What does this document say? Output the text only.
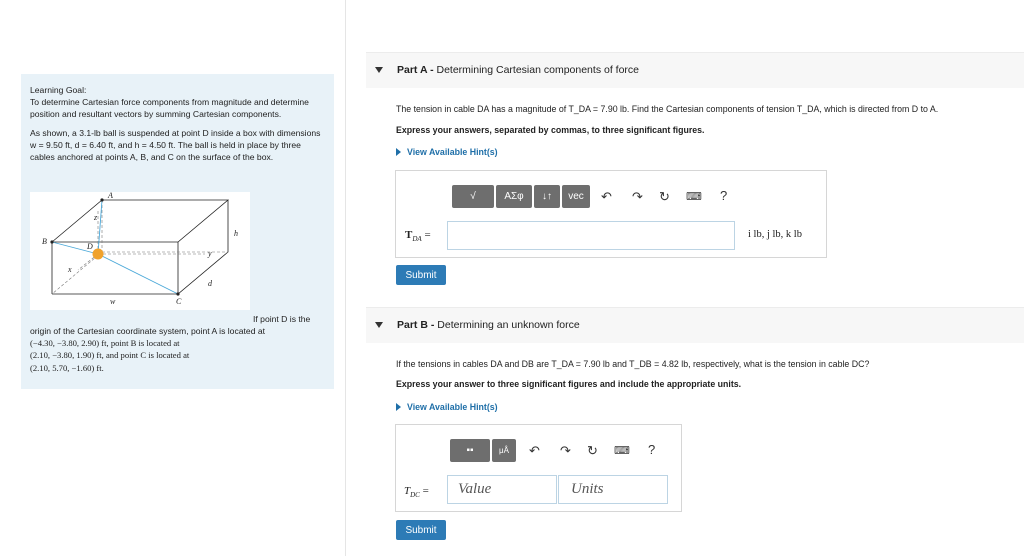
Learning Goal:

To determine Cartesian force components from magnitude and determine position and resultant vectors by summing Cartesian components.

As shown, a 3.1-lb ball is suspended at point D inside a box with dimensions w = 9.50 ft, d = 6.40 ft, and h = 4.50 ft. The ball is held in place by three cables anchored at points A, B, and C on the surface of the box.

A
B
C
D
z
y
x
w
d
h
If point D is the
origin of the Cartesian coordinate system, point A is located at
(−4.30, −3.80, 2.90) ft, point B is located at
(2.10, −3.80, 1.90) ft, and point C is located at
(2.10, 5.70, −1.60) ft.
Part A - Determining Cartesian components of force
The tension in cable DA has a magnitude of T_DA = 7.90 lb. Find the Cartesian components of tension T_DA, which is directed from D to A.
Express your answers, separated by commas, to three significant figures.
View Available Hint(s)
√	ΑΣφ ↓↑ vec ↶ ↷ ↻ ⌨ ?
$T_{DA}$ =	i lb, j lb, k lb
Submit
Part B - Determining an unknown force
If the tensions in cables DA and DB are T_DA = 7.90 lb and T_DB = 4.82 lb, respectively, what is the tension in cable DC?
Express your answer to three significant figures and include the appropriate units.
View Available Hint(s)
▪▪	μÅ ↶ ↷ ↻ ⌨ ?
$T_{DC}$ =	Value	Units
Submit
